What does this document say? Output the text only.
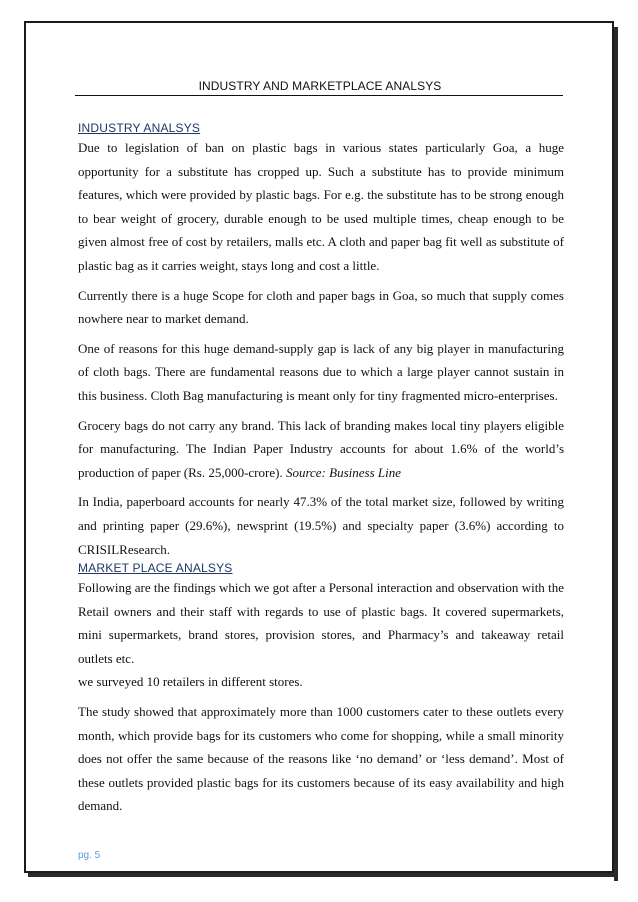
INDUSTRY AND MARKETPLACE ANALSYS
INDUSTRY ANALSYS

Due to legislation of ban on plastic bags in various states particularly Goa, a huge opportunity for a substitute has cropped up. Such a substitute has to provide minimum features, which were provided by plastic bags. For e.g. the substitute has to be strong enough to bear weight of grocery, durable enough to be used multiple times, cheap enough to be given almost free of cost by retailers, malls etc. A cloth and paper bag fit well as substitute of plastic bag as it carries weight, stays long and cost a little.

Currently there is a huge Scope for cloth and paper bags in Goa, so much that supply comes nowhere near to market demand.

One of reasons for this huge demand-supply gap is lack of any big player in manufacturing of cloth bags. There are fundamental reasons due to which a large player cannot sustain in this business. Cloth Bag manufacturing is meant only for tiny fragmented micro-enterprises.

Grocery bags do not carry any brand. This lack of branding makes local tiny players eligible for manufacturing. The Indian Paper Industry accounts for about 1.6% of the world’s production of paper (Rs. 25,000-crore). Source: Business Line

In India, paperboard accounts for nearly 47.3% of the total market size, followed by writing and printing paper (29.6%), newsprint (19.5%) and specialty paper (3.6%) according to CRISILResearch.

MARKET PLACE ANALSYS

Following are the findings which we got after a Personal interaction and observation with the Retail owners and their staff with regards to use of plastic bags. It covered supermarkets, mini supermarkets, brand stores, provision stores, and Pharmacy’s and takeaway retail outlets etc.

we surveyed 10 retailers in different stores.

The study showed that approximately more than 1000 customers cater to these outlets every month, which provide bags for its customers who come for shopping, while a small minority does not offer the same because of the reasons like ‘no demand’ or ‘less demand’. Most of these outlets provided plastic bags for its customers because of its easy availability and high demand.

pg. 5
